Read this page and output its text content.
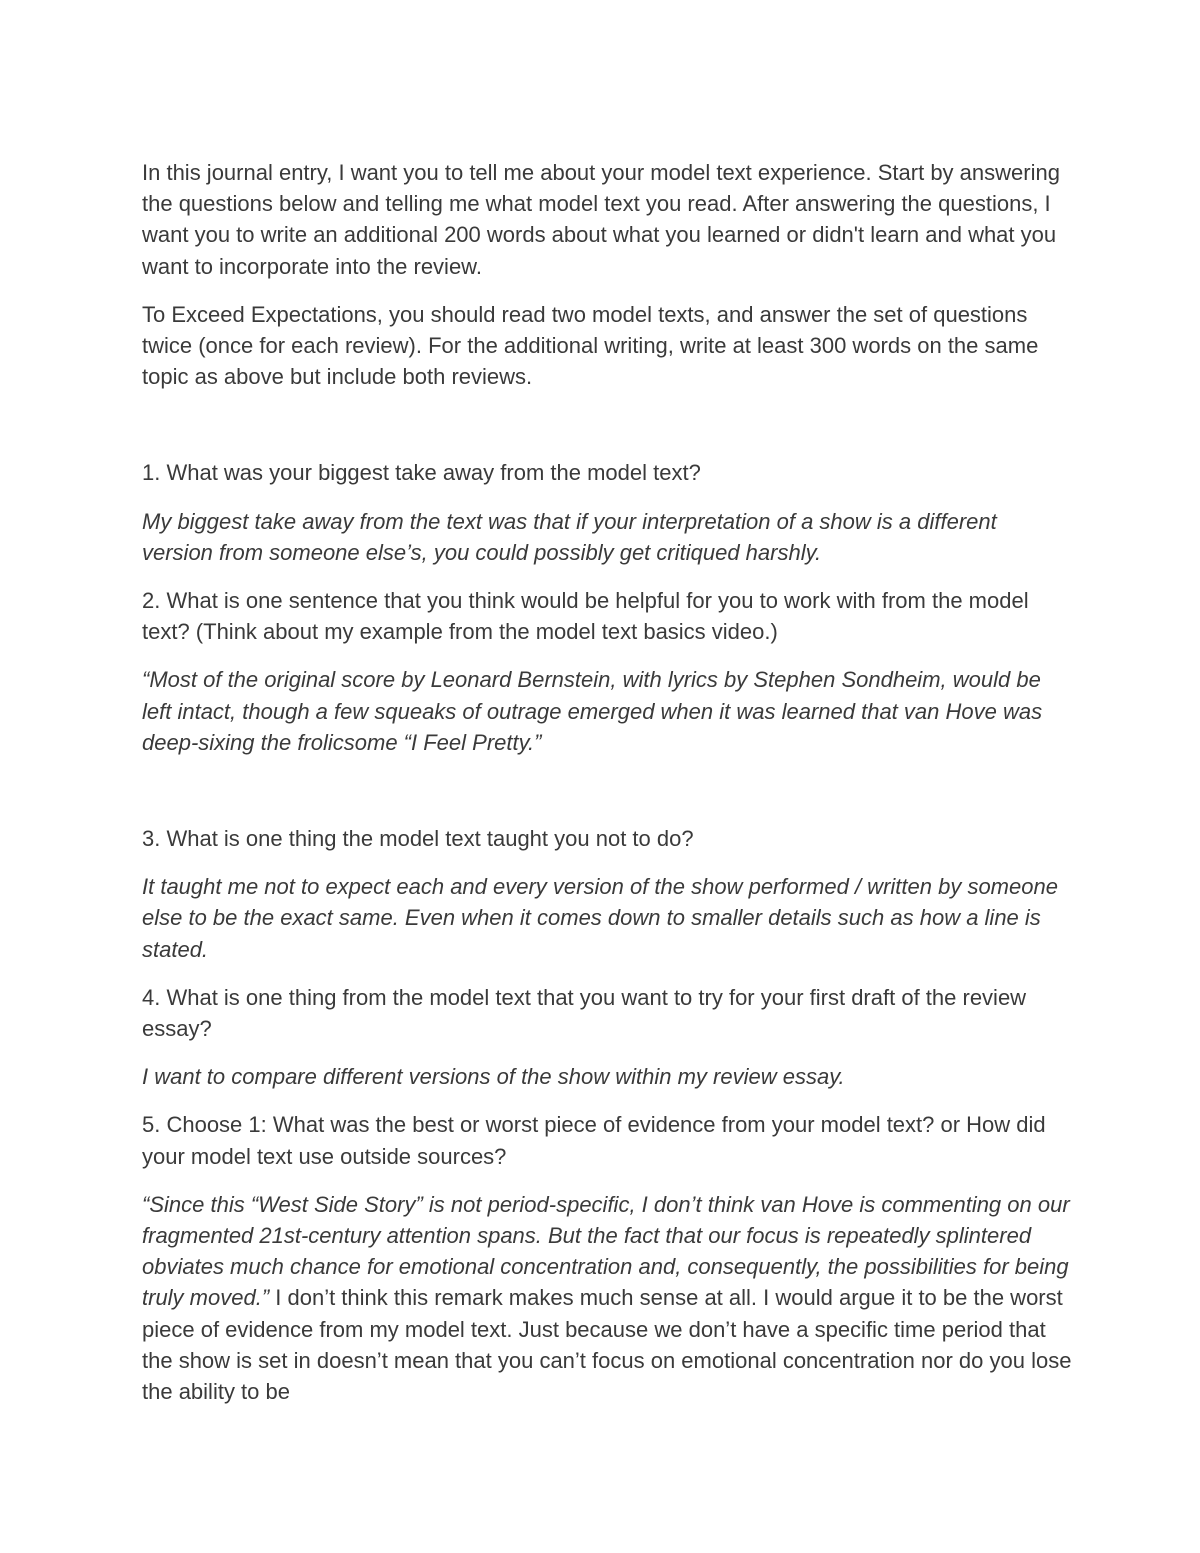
In this journal entry, I want you to tell me about your model text experience. Start by answering the questions below and telling me what model text you read. After answering the questions, I want you to write an additional 200 words about what you learned or didn't learn and what you want to incorporate into the review.

To Exceed Expectations, you should read two model texts, and answer the set of questions twice (once for each review). For the additional writing, write at least 300 words on the same topic as above but include both reviews.

1. What was your biggest take away from the model text?

My biggest take away from the text was that if your interpretation of a show is a different version from someone else’s, you could possibly get critiqued harshly.

2. What is one sentence that you think would be helpful for you to work with from the model text? (Think about my example from the model text basics video.)

“Most of the original score by Leonard Bernstein, with lyrics by Stephen Sondheim, would be left intact, though a few squeaks of outrage emerged when it was learned that van Hove was deep-sixing the frolicsome “I Feel Pretty.”

3. What is one thing the model text taught you not to do?

It taught me not to expect each and every version of the show performed / written by someone else to be the exact same. Even when it comes down to smaller details such as how a line is stated.

4. What is one thing from the model text that you want to try for your first draft of the review essay?

I want to compare different versions of the show within my review essay.

5. Choose 1: What was the best or worst piece of evidence from your model text? or How did your model text use outside sources?

“Since this “West Side Story” is not period-specific, I don’t think van Hove is commenting on our fragmented 21st-century attention spans. But the fact that our focus is repeatedly splintered obviates much chance for emotional concentration and, consequently, the possibilities for being truly moved.” I don’t think this remark makes much sense at all. I would argue it to be the worst piece of evidence from my model text. Just because we don’t have a specific time period that the show is set in doesn’t mean that you can’t focus on emotional concentration nor do you lose the ability to be
